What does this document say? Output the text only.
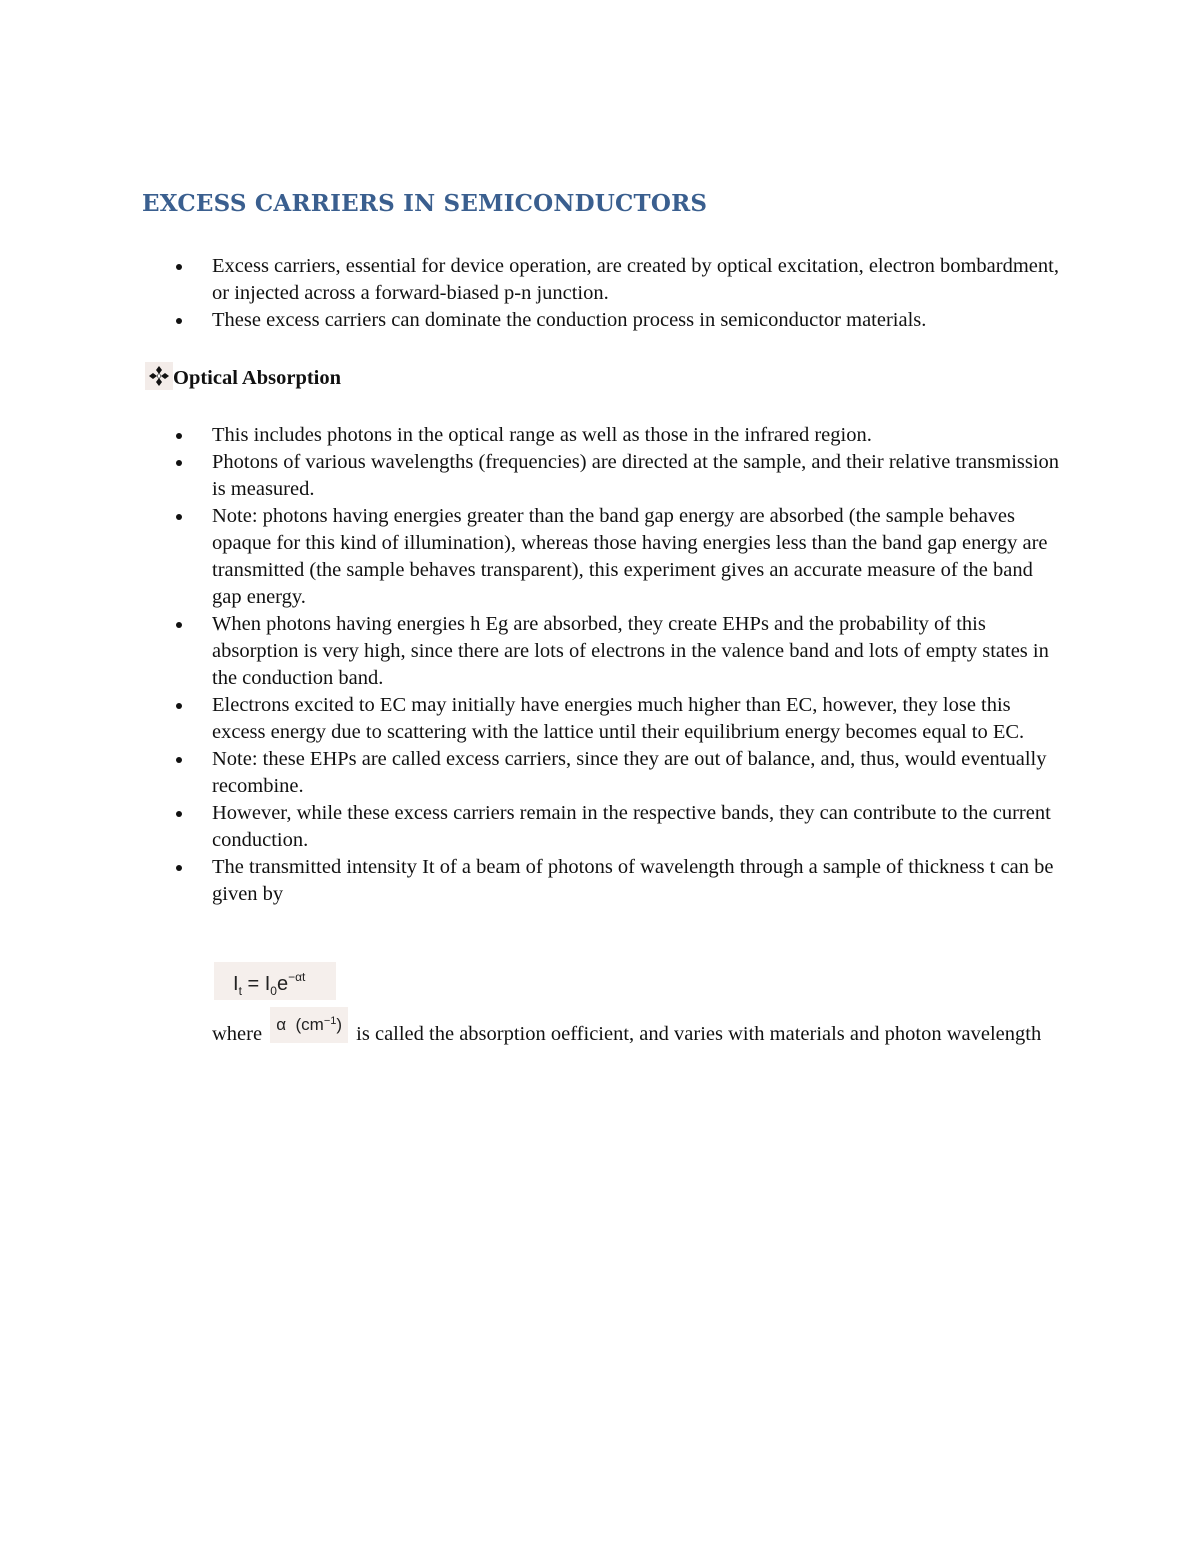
EXCESS CARRIERS IN SEMICONDUCTORS
Excess carriers, essential for device operation, are created by optical excitation, electron bombardment, or injected across a forward-biased p-n junction.
These excess carriers can dominate the conduction process in semiconductor materials.
Optical Absorption
This includes photons in the optical range as well as those in the infrared region.
Photons of various wavelengths (frequencies) are directed at the sample, and their relative transmission is measured.
Note: photons having energies greater than the band gap energy are absorbed (the sample behaves opaque for this kind of illumination), whereas those having energies less than the band gap energy are transmitted (the sample behaves transparent), this experiment gives an accurate measure of the band gap energy.
When photons having energies h Eg are absorbed, they create EHPs and the probability of this absorption is very high, since there are lots of electrons in the valence band and lots of empty states in the conduction band.
Electrons excited to EC may initially have energies much higher than EC, however, they lose this excess energy due to scattering with the lattice until their equilibrium energy becomes equal to EC.
Note: these EHPs are called excess carriers, since they are out of balance, and, thus, would eventually recombine.
However, while these excess carriers remain in the respective bands, they can contribute to the current conduction.
The transmitted intensity It of a beam of photons of wavelength through a sample of thickness t can be given by
$I_t = I_0e^{-\alpha t}$
where α $(cm^{-1})$ is called the absorption oefficient, and varies with materials and photon wavelength
